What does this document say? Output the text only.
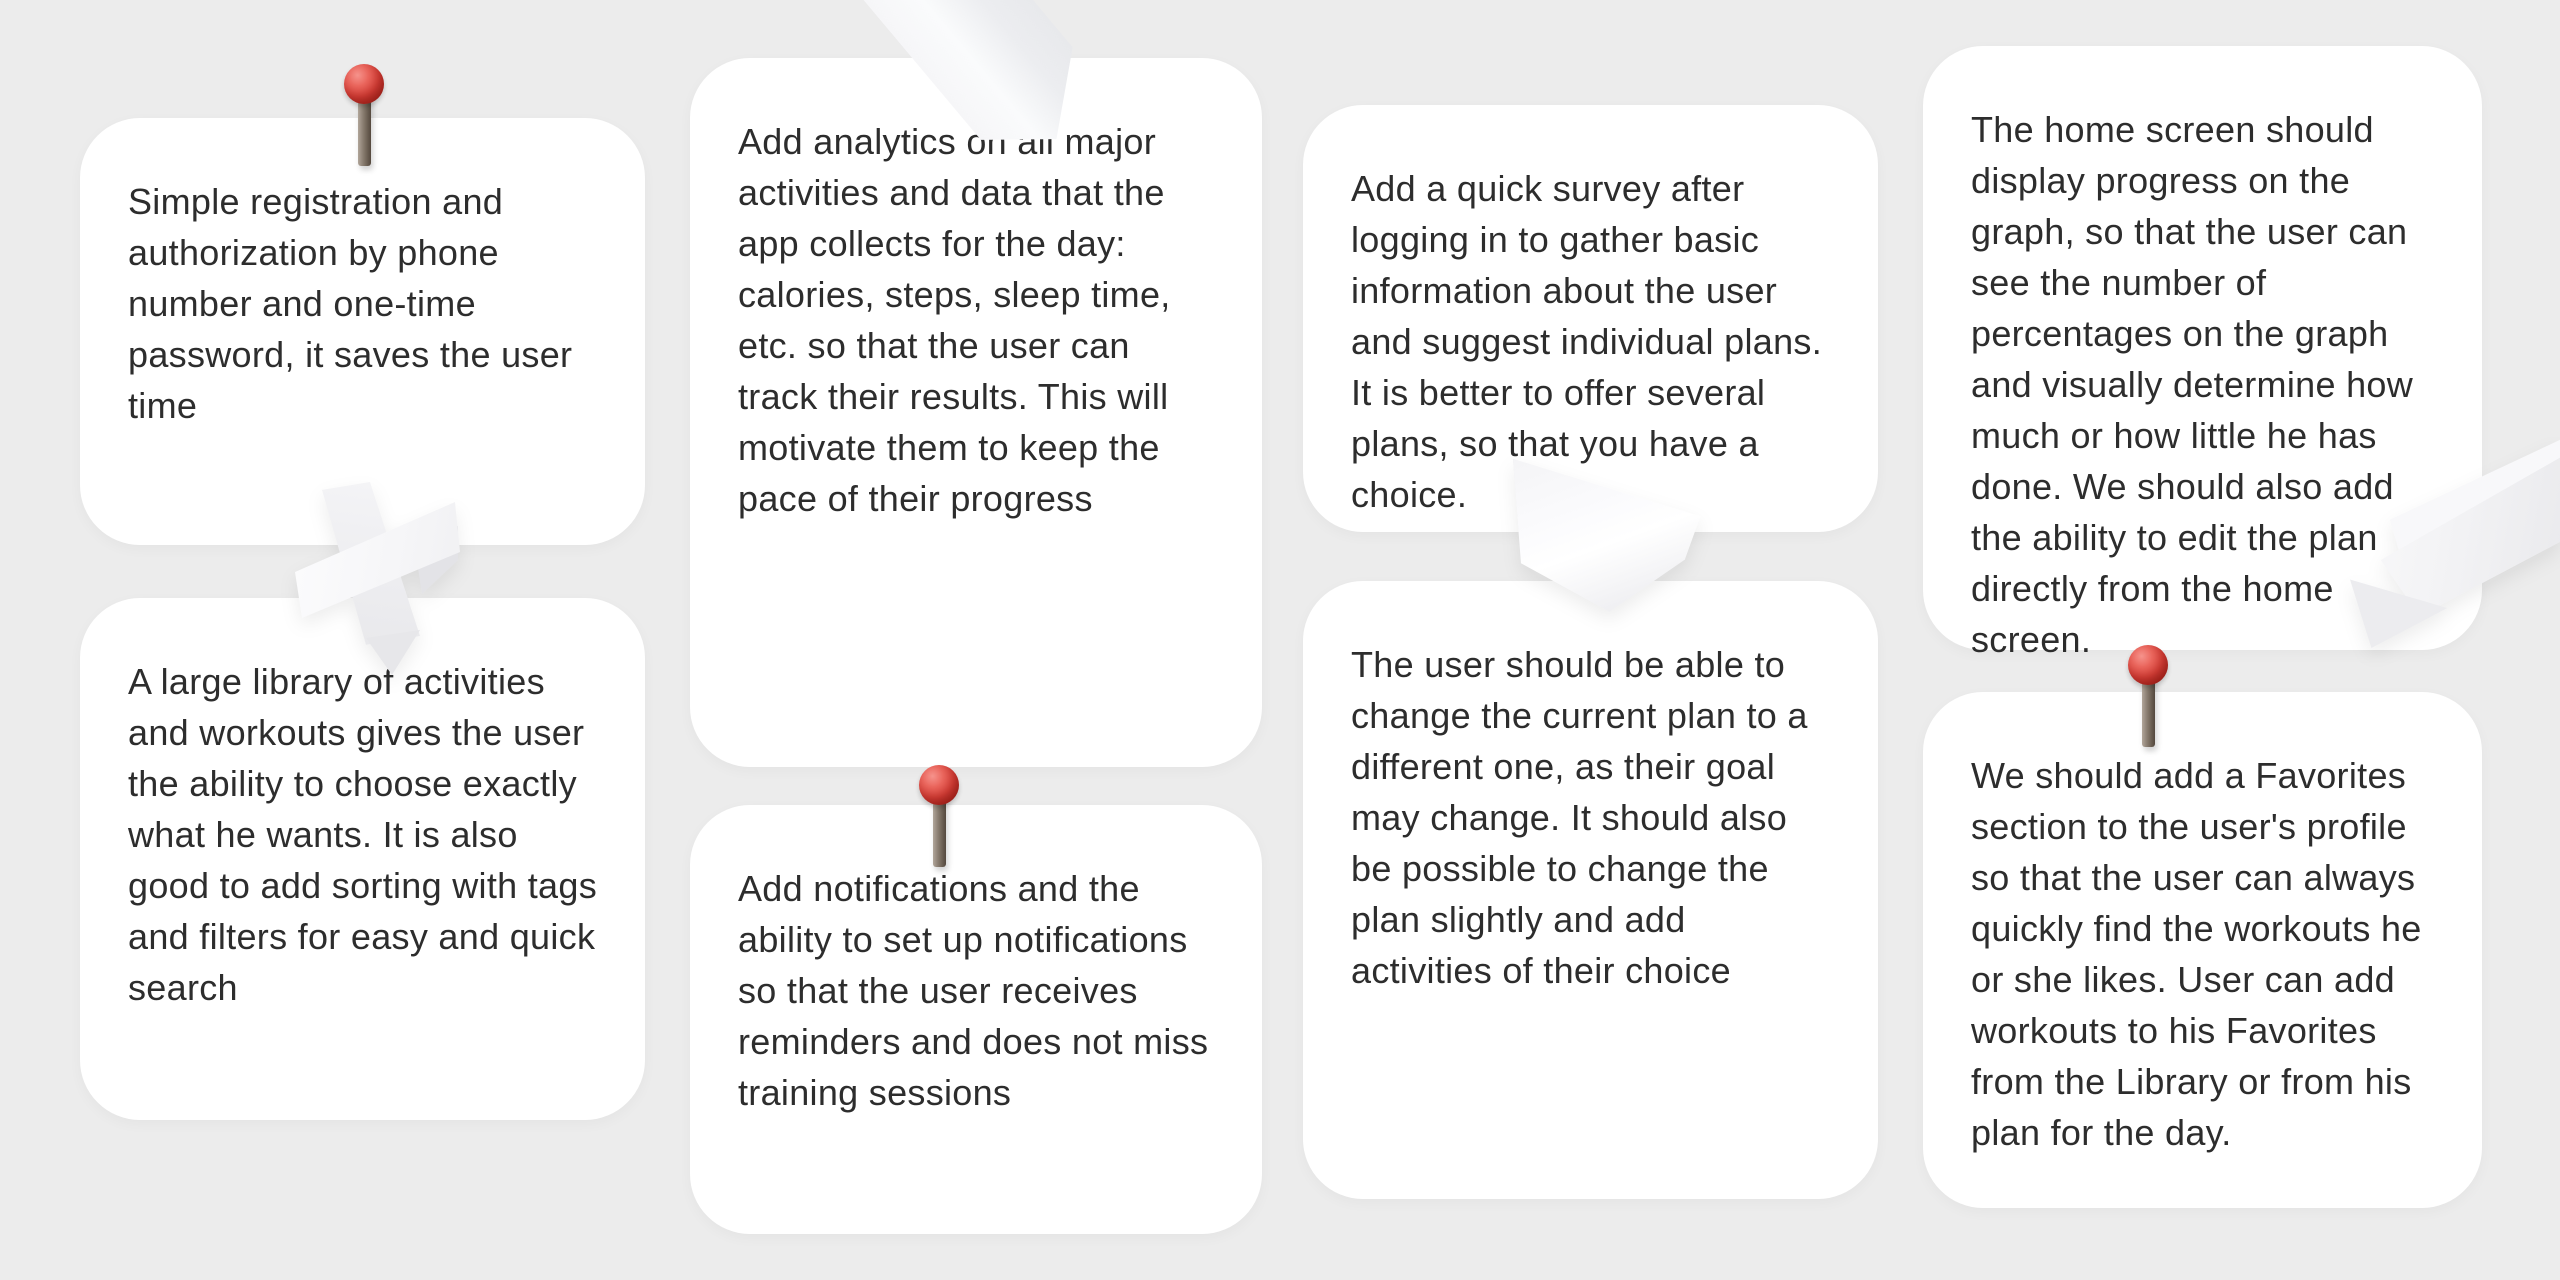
Simple registration and authorization by phone number and one-time password, it saves the user time

A large library of activities and workouts gives the user the ability to choose exactly what he wants. It is also good to add sorting with tags and filters for easy and quick search

Add analytics on all major activities and data that the app collects for the day: calories, steps, sleep time, etc. so that the user can track their results. This will motivate them to keep the pace of their progress

Add notifications and the ability to set up notifications so that the user receives reminders and does not miss training sessions

Add a quick survey after logging in to gather basic information about the user and suggest individual plans. It is better to offer several plans, so that you have a choice.

The user should be able to change the current plan to a different one, as their goal may change. It should also be possible to change the plan slightly and add activities of their choice

The home screen should display progress on the graph, so that the user can see the number of percentages on the graph and visually determine how much or how little he has done. We should also add the ability to edit the plan directly from the home screen.

We should add a Favorites section to the user's profile so that the user can always quickly find the workouts he or she likes. User can add workouts to his Favorites from the Library or from his plan for the day.
